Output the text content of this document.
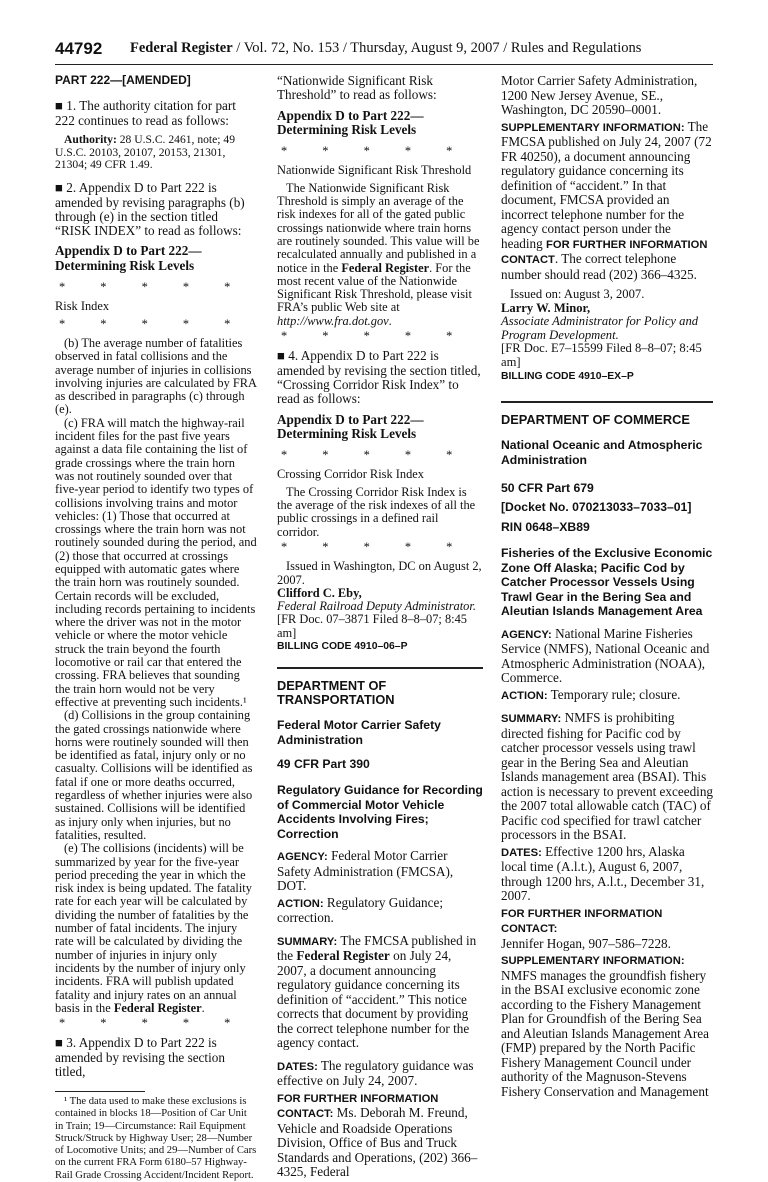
44792 Federal Register / Vol. 72, No. 153 / Thursday, August 9, 2007 / Rules and Regulations

PART 222—[AMENDED]

■ 1. The authority citation for part 222 continues to read as follows:

Authority: 28 U.S.C. 2461, note; 49 U.S.C. 20103, 20107, 20153, 21301, 21304; 49 CFR 1.49.

■ 2. Appendix D to Part 222 is amended by revising paragraphs (b) through (e) in the section titled “RISK INDEX” to read as follows:

Appendix D to Part 222—Determining Risk Levels

* * * * *

Risk Index

* * * * *

(b) The average number of fatalities observed in fatal collisions and the average number of injuries in collisions involving injuries are calculated by FRA as described in paragraphs (c) through (e).

(c) FRA will match the highway-rail incident files for the past five years against a data file containing the list of grade crossings where the train horn was not routinely sounded over that five-year period to identify two types of collisions involving trains and motor vehicles: (1) Those that occurred at crossings where the train horn was not routinely sounded during the period, and (2) those that occurred at crossings equipped with automatic gates where the train horn was routinely sounded. Certain records will be excluded, including records pertaining to incidents where the driver was not in the motor vehicle or where the motor vehicle struck the train beyond the fourth locomotive or rail car that entered the crossing. FRA believes that sounding the train horn would not be very effective at preventing such incidents.¹

(d) Collisions in the group containing the gated crossings nationwide where horns were routinely sounded will then be identified as fatal, injury only or no casualty. Collisions will be identified as fatal if one or more deaths occurred, regardless of whether injuries were also sustained. Collisions will be identified as injury only when injuries, but no fatalities, resulted.

(e) The collisions (incidents) will be summarized by year for the five-year period preceding the year in which the risk index is being updated. The fatality rate for each year will be calculated by dividing the number of fatalities by the number of fatal incidents. The injury rate will be calculated by dividing the number of injuries in injury only incidents by the number of injury only incidents. FRA will publish updated fatality and injury rates on an annual basis in the Federal Register.

* * * * *

■ 3. Appendix D to Part 222 is amended by revising the section titled,

¹ The data used to make these exclusions is contained in blocks 18—Position of Car Unit in Train; 19—Circumstance: Rail Equipment Struck/Struck by Highway User; 28—Number of Locomotive Units; and 29—Number of Cars on the current FRA Form 6180–57 Highway-Rail Grade Crossing Accident/Incident Report.

“Nationwide Significant Risk Threshold” to read as follows:

Appendix D to Part 222—Determining Risk Levels

* * * * *

Nationwide Significant Risk Threshold

The Nationwide Significant Risk Threshold is simply an average of the risk indexes for all of the gated public crossings nationwide where train horns are routinely sounded. This value will be recalculated annually and published in a notice in the Federal Register. For the most recent value of the Nationwide Significant Risk Threshold, please visit FRA’s public Web site at http://www.fra.dot.gov.

* * * * *

■ 4. Appendix D to Part 222 is amended by revising the section titled, “Crossing Corridor Risk Index” to read as follows:

Appendix D to Part 222—Determining Risk Levels

* * * * *

Crossing Corridor Risk Index

The Crossing Corridor Risk Index is the average of the risk indexes of all the public crossings in a defined rail corridor.

* * * * *

Issued in Washington, DC on August 2, 2007.

Clifford C. Eby,

Federal Railroad Deputy Administrator.

[FR Doc. 07–3871 Filed 8–8–07; 8:45 am]

BILLING CODE 4910–06–P

DEPARTMENT OF TRANSPORTATION

Federal Motor Carrier Safety Administration

49 CFR Part 390

Regulatory Guidance for Recording of Commercial Motor Vehicle Accidents Involving Fires; Correction

AGENCY: Federal Motor Carrier Safety Administration (FMCSA), DOT.

ACTION: Regulatory Guidance; correction.

SUMMARY: The FMCSA published in the Federal Register on July 24, 2007, a document announcing regulatory guidance concerning its definition of “accident.” This notice corrects that document by providing the correct telephone number for the agency contact.

DATES: The regulatory guidance was effective on July 24, 2007.

FOR FURTHER INFORMATION CONTACT: Ms. Deborah M. Freund, Vehicle and Roadside Operations Division, Office of Bus and Truck Standards and Operations, (202) 366–4325, Federal

Motor Carrier Safety Administration, 1200 New Jersey Avenue, SE., Washington, DC 20590–0001.

SUPPLEMENTARY INFORMATION: The FMCSA published on July 24, 2007 (72 FR 40250), a document announcing regulatory guidance concerning its definition of “accident.” In that document, FMCSA provided an incorrect telephone number for the agency contact person under the heading FOR FURTHER INFORMATION CONTACT. The correct telephone number should read (202) 366–4325.

Issued on: August 3, 2007.

Larry W. Minor,

Associate Administrator for Policy and Program Development.

[FR Doc. E7–15599 Filed 8–8–07; 8:45 am]

BILLING CODE 4910–EX–P

DEPARTMENT OF COMMERCE

National Oceanic and Atmospheric Administration

50 CFR Part 679

[Docket No. 070213033–7033–01]

RIN 0648–XB89

Fisheries of the Exclusive Economic Zone Off Alaska; Pacific Cod by Catcher Processor Vessels Using Trawl Gear in the Bering Sea and Aleutian Islands Management Area

AGENCY: National Marine Fisheries Service (NMFS), National Oceanic and Atmospheric Administration (NOAA), Commerce.

ACTION: Temporary rule; closure.

SUMMARY: NMFS is prohibiting directed fishing for Pacific cod by catcher processor vessels using trawl gear in the Bering Sea and Aleutian Islands management area (BSAI). This action is necessary to prevent exceeding the 2007 total allowable catch (TAC) of Pacific cod specified for trawl catcher processors in the BSAI.

DATES: Effective 1200 hrs, Alaska local time (A.l.t.), August 6, 2007, through 1200 hrs, A.l.t., December 31, 2007.

FOR FURTHER INFORMATION CONTACT:
Jennifer Hogan, 907–586–7228.

SUPPLEMENTARY INFORMATION: NMFS manages the groundfish fishery in the BSAI exclusive economic zone according to the Fishery Management Plan for Groundfish of the Bering Sea and Aleutian Islands Management Area (FMP) prepared by the North Pacific Fishery Management Council under authority of the Magnuson-Stevens Fishery Conservation and Management
